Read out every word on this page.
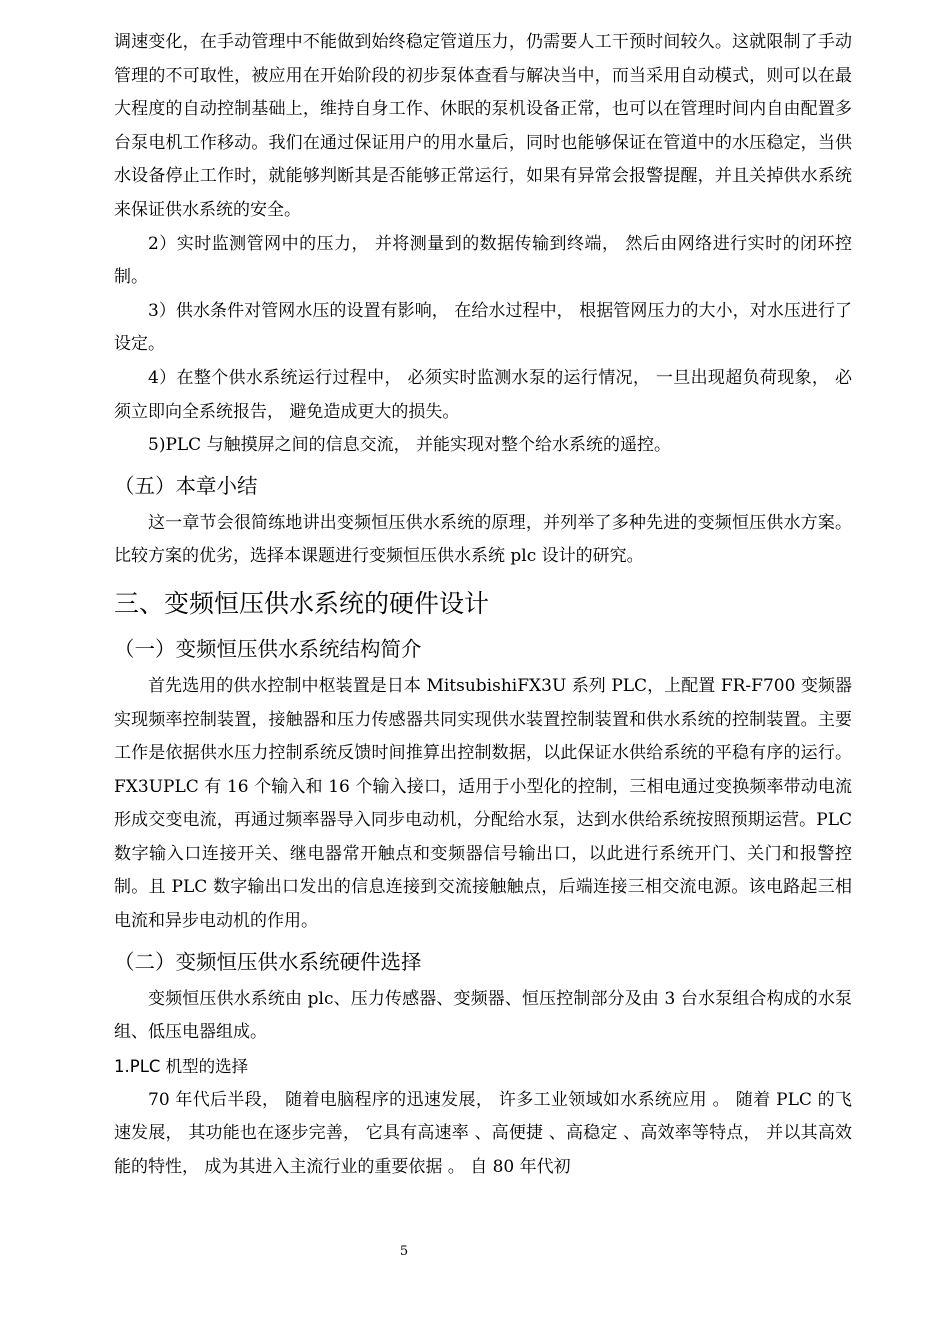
调速变化，在手动管理中不能做到始终稳定管道压力，仍需要人工干预时间较久。这就限制了手动管理的不可取性，被应用在开始阶段的初步泵体查看与解决当中，而当采用自动模式，则可以在最大程度的自动控制基础上，维持自身工作、休眠的泵机设备正常，也可以在管理时间内自由配置多台泵电机工作移动。我们在通过保证用户的用水量后，同时也能够保证在管道中的水压稳定，当供水设备停止工作时，就能够判断其是否能够正常运行，如果有异常会报警提醒，并且关掉供水系统来保证供水系统的安全。

2）实时监测管网中的压力， 并将测量到的数据传输到终端， 然后由网络进行实时的闭环控制。

3）供水条件对管网水压的设置有影响， 在给水过程中， 根据管网压力的大小，对水压进行了设定。

4）在整个供水系统运行过程中， 必须实时监测水泵的运行情况， 一旦出现超负荷现象， 必须立即向全系统报告， 避免造成更大的损失。

5)PLC 与触摸屏之间的信息交流， 并能实现对整个给水系统的遥控。

（五）本章小结

这一章节会很简练地讲出变频恒压供水系统的原理，并列举了多种先进的变频恒压供水方案。比较方案的优劣，选择本课题进行变频恒压供水系统 plc 设计的研究。

三、变频恒压供水系统的硬件设计
（一）变频恒压供水系统结构简介

首先选用的供水控制中枢装置是日本 MitsubishiFX3U 系列 PLC，上配置 FR-F700 变频器实现频率控制装置，接触器和压力传感器共同实现供水装置控制装置和供水系统的控制装置。主要工作是依据供水压力控制系统反馈时间推算出控制数据，以此保证水供给系统的平稳有序的运行。FX3UPLC 有 16 个输入和 16 个输入接口，适用于小型化的控制，三相电通过变换频率带动电流形成交变电流，再通过频率器导入同步电动机，分配给水泵，达到水供给系统按照预期运营。PLC 数字输入口连接开关、继电器常开触点和变频器信号输出口，以此进行系统开门、关门和报警控制。且 PLC 数字输出口发出的信息连接到交流接触触点，后端连接三相交流电源。该电路起三相电流和异步电动机的作用。

（二）变频恒压供水系统硬件选择

变频恒压供水系统由 plc、压力传感器、变频器、恒压控制部分及由 3 台水泵组合构成的水泵组、低压电器组成。

1.PLC 机型的选择

70 年代后半段， 随着电脑程序的迅速发展， 许多工业领域如水系统应用 。 随着 PLC 的飞速发展， 其功能也在逐步完善， 它具有高速率 、高便捷 、高稳定 、高效率等特点， 并以其高效能的特性， 成为其进入主流行业的重要依据 。 自 80 年代初

5
